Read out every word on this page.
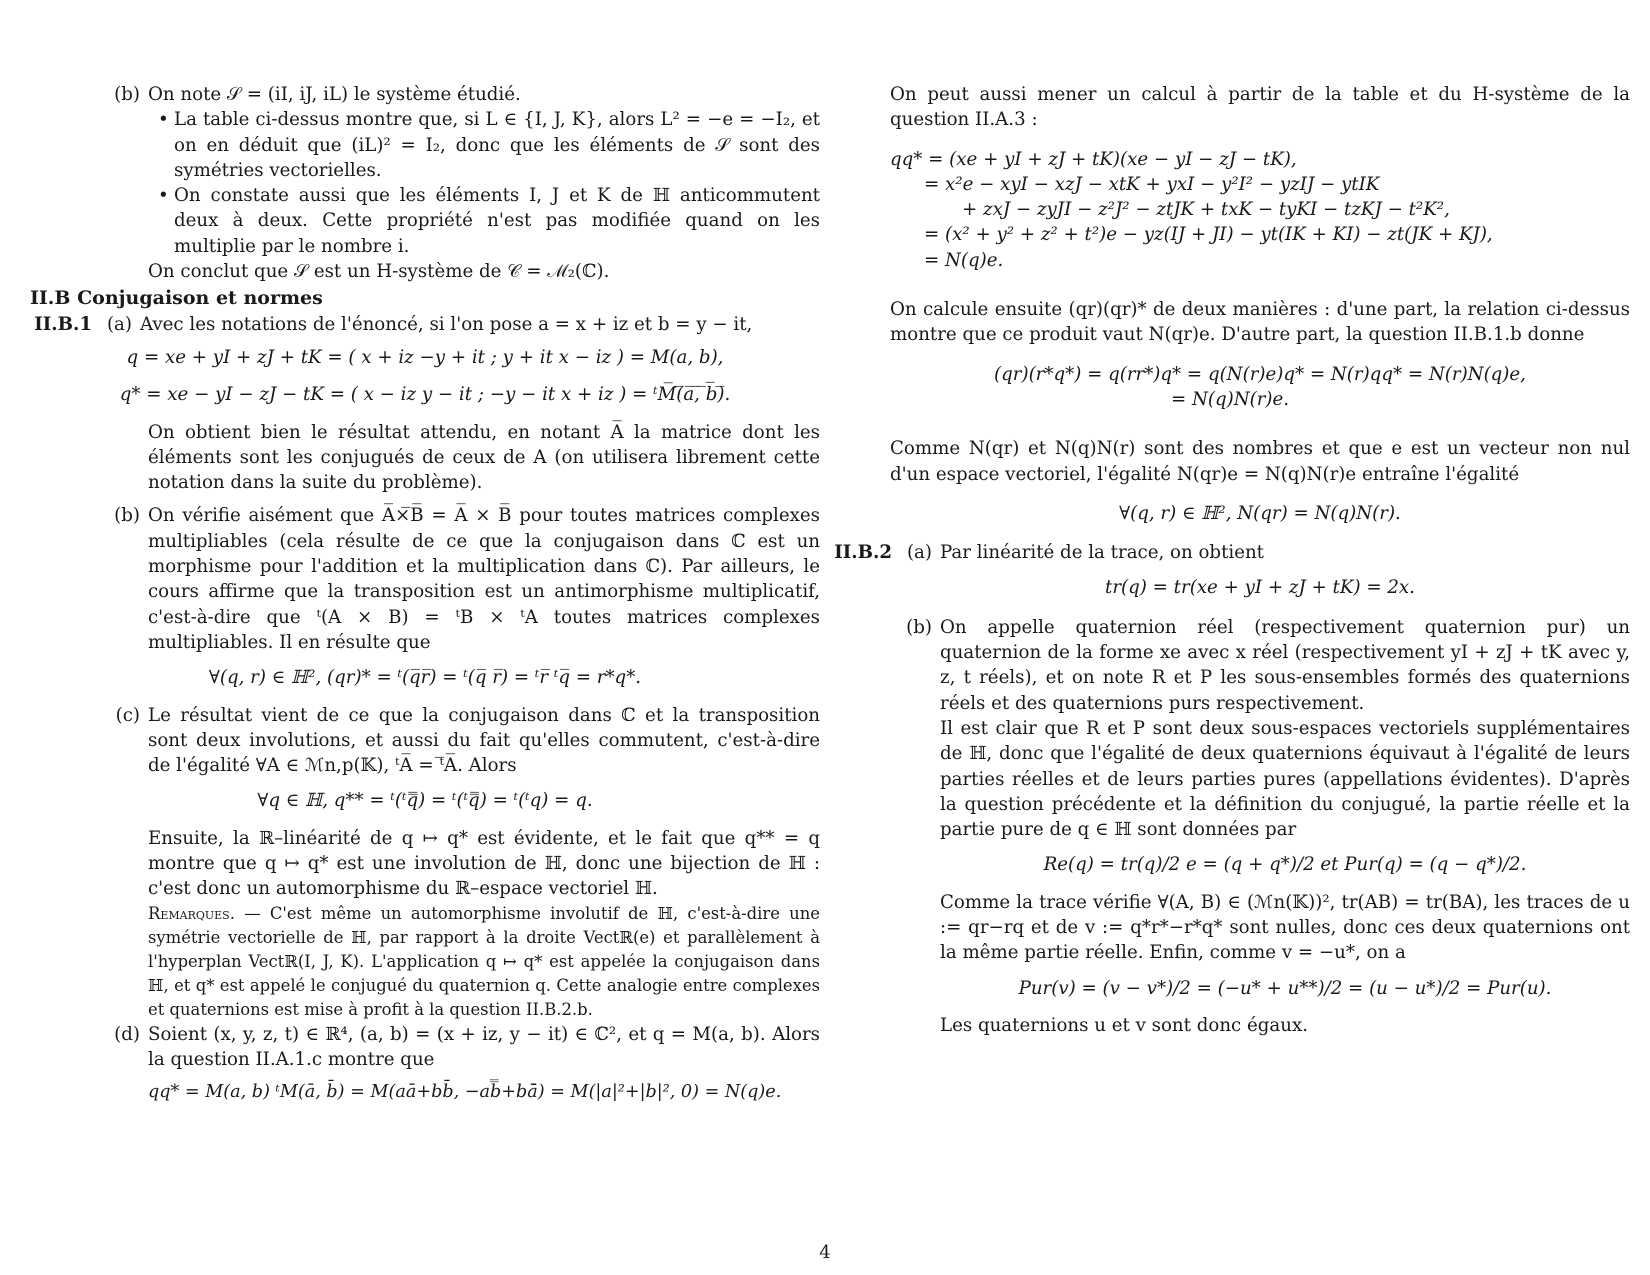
(b) On note 𝒮 = (iI, iJ, iL) le système étudié.
• La table ci-dessus montre que, si L ∈ {I, J, K}, alors L² = −e = −I₂, et on en déduit que (iL)² = I₂, donc que les éléments de 𝒮 sont des symétries vectorielles.
• On constate aussi que les éléments I, J et K de ℍ anticommutent deux à deux. Cette propriété n'est pas modifiée quand on les multiplie par le nombre i.
On conclut que 𝒮 est un H-système de 𝒞 = ℳ₂(ℂ).
II.B Conjugaison et normes
II.B.1 (a) Avec les notations de l'énoncé, si l'on pose a = x + iz et b = y − it,
q = xe + yI + zJ + tK = ( x + iz −y + it ; y + it x − iz ) = M(a, b),
q* = xe − yI − zJ − tK = ( x − iz y − it ; −y − it x + iz ) = ᵗM̅(̅a̅,̅ ̅b̅)̅.
On obtient bien le résultat attendu, en notant A̅ la matrice dont les éléments sont les conjugués de ceux de A (on utilisera librement cette notation dans la suite du problème).
(b) On vérifie aisément que A̅×̅B̅ = A̅ × B̅ pour toutes matrices complexes multipliables (cela résulte de ce que la conjugaison dans ℂ est un morphisme pour l'addition et la multiplication dans ℂ). Par ailleurs, le cours affirme que la transposition est un antimorphisme multiplicatif, c'est-à-dire que ᵗ(A × B) = ᵗB × ᵗA toutes matrices complexes multipliables. Il en résulte que
∀(q, r) ∈ ℍ², (qr)* = ᵗ(q̅r̅) = ᵗ(q̅ r̅) = ᵗr̅ ᵗq̅ = r*q*.
(c) Le résultat vient de ce que la conjugaison dans ℂ et la transposition sont deux involutions, et aussi du fait qu'elles commutent, c'est-à-dire de l'égalité ∀A ∈ ℳn,p(𝕂), ᵗA̅ = ᵗ̅A̅. Alors
∀q ∈ ℍ, q** = ᵗ(ᵗq̿) = ᵗ(ᵗq̿) = ᵗ(ᵗq) = q.
Ensuite, la ℝ–linéarité de q ↦ q* est évidente, et le fait que q** = q montre que q ↦ q* est une involution de ℍ, donc une bijection de ℍ : c'est donc un automorphisme du ℝ–espace vectoriel ℍ.
Remarques. — C'est même un automorphisme involutif de ℍ, c'est-à-dire une symétrie vectorielle de ℍ, par rapport à la droite Vectℝ(e) et parallèlement à l'hyperplan Vectℝ(I, J, K). L'application q ↦ q* est appelée la conjugaison dans ℍ, et q* est appelé le conjugué du quaternion q. Cette analogie entre complexes et quaternions est mise à profit à la question II.B.2.b.
(d) Soient (x, y, z, t) ∈ ℝ⁴, (a, b) = (x + iz, y − it) ∈ ℂ², et q = M(a, b). Alors la question II.A.1.c montre que
qq* = M(a, b) ᵗM(ā, b̄) = M(aā+bb̄, −ab̿+bā̄) = M(|a|²+|b|², 0) = N(q)e.
On peut aussi mener un calcul à partir de la table et du H-système de la question II.A.3 :
qq* = (xe + yI + zJ + tK)(xe − yI − zJ − tK),
= x²e − xyI − xzJ − xtK + yxI − y²I² − yzIJ − ytIK
+ zxJ − zyJI − z²J² − ztJK + txK − tyKI − tzKJ − t²K²,
= (x² + y² + z² + t²)e − yz(IJ + JI) − yt(IK + KI) − zt(JK + KJ),
= N(q)e.
On calcule ensuite (qr)(qr)* de deux manières : d'une part, la relation ci-dessus montre que ce produit vaut N(qr)e. D'autre part, la question II.B.1.b donne
(qr)(r*q*) = q(rr*)q* = q(N(r)e)q* = N(r)qq* = N(r)N(q)e,
= N(q)N(r)e.
Comme N(qr) et N(q)N(r) sont des nombres et que e est un vecteur non nul d'un espace vectoriel, l'égalité N(qr)e = N(q)N(r)e entraîne l'égalité
∀(q, r) ∈ ℍ², N(qr) = N(q)N(r).
II.B.2 (a) Par linéarité de la trace, on obtient
tr(q) = tr(xe + yI + zJ + tK) = 2x.
(b) On appelle quaternion réel (respectivement quaternion pur) un quaternion de la forme xe avec x réel (respectivement yI + zJ + tK avec y, z, t réels), et on note R et P les sous-ensembles formés des quaternions réels et des quaternions purs respectivement.
Il est clair que R et P sont deux sous-espaces vectoriels supplémentaires de ℍ, donc que l'égalité de deux quaternions équivaut à l'égalité de leurs parties réelles et de leurs parties pures (appellations évidentes). D'après la question précédente et la définition du conjugué, la partie réelle et la partie pure de q ∈ ℍ sont données par
Re(q) = tr(q)/2 e = (q + q*)/2 et Pur(q) = (q − q*)/2.
Comme la trace vérifie ∀(A, B) ∈ (ℳn(𝕂))², tr(AB) = tr(BA), les traces de u := qr−rq et de v := q*r*−r*q* sont nulles, donc ces deux quaternions ont la même partie réelle. Enfin, comme v = −u*, on a
Pur(v) = (v − v*)/2 = (−u* + u**)/2 = (u − u*)/2 = Pur(u).
Les quaternions u et v sont donc égaux.
4
